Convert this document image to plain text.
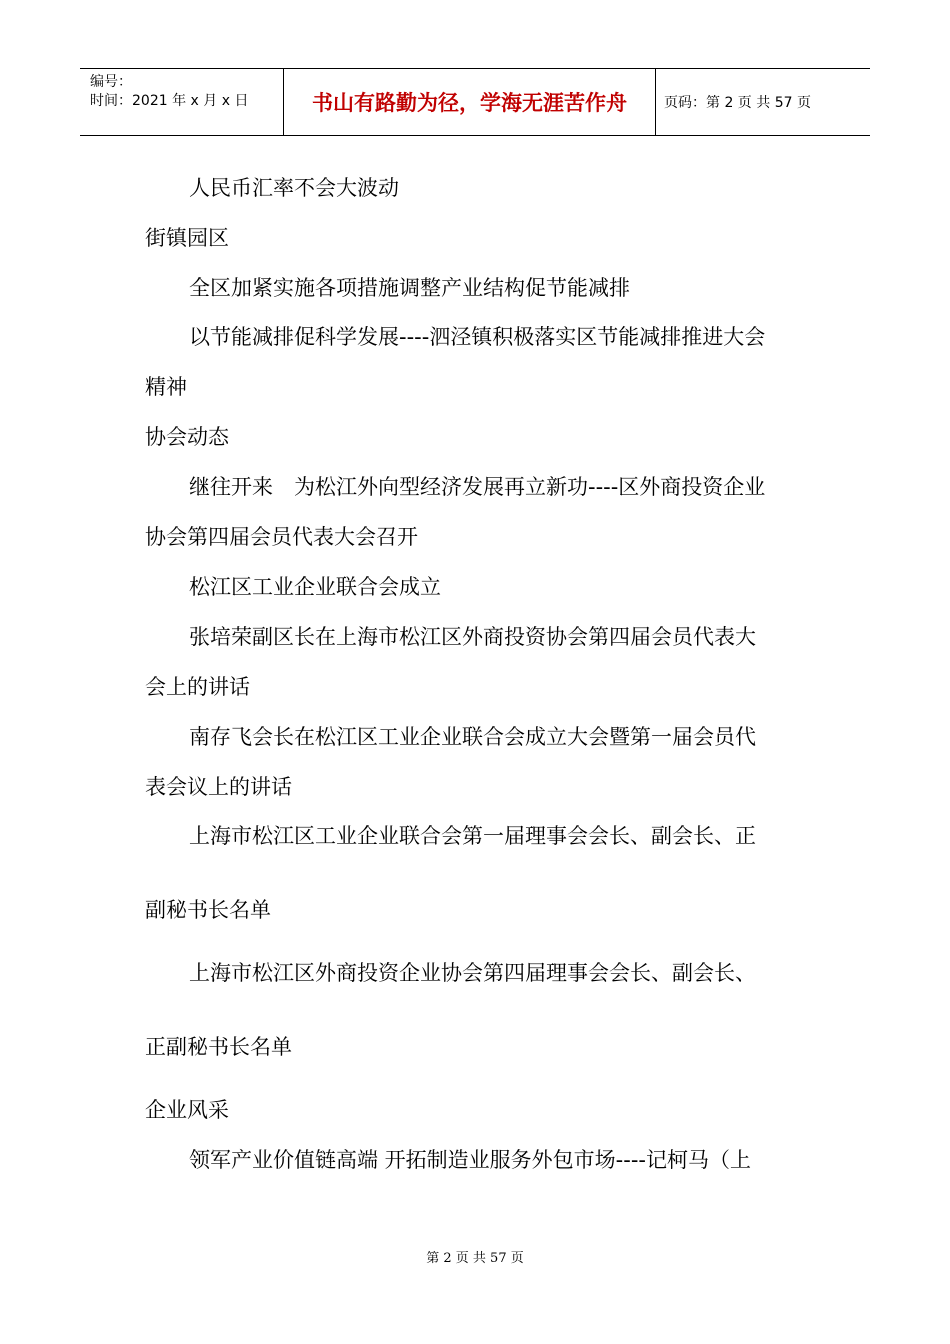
编号：
时间：2021 年 x 月 x 日	书山有路勤为径，学海无涯苦作舟	页码：第 2 页 共 57 页
人民币汇率不会大波动
街镇园区
全区加紧实施各项措施调整产业结构促节能减排
以节能减排促科学发展----泗泾镇积极落实区节能减排推进大会
精神
协会动态
继往开来　为松江外向型经济发展再立新功----区外商投资企业
协会第四届会员代表大会召开
松江区工业企业联合会成立
张培荣副区长在上海市松江区外商投资协会第四届会员代表大
会上的讲话
南存飞会长在松江区工业企业联合会成立大会暨第一届会员代
表会议上的讲话
上海市松江区工业企业联合会第一届理事会会长、副会长、正
副秘书长名单
上海市松江区外商投资企业协会第四届理事会会长、副会长、
正副秘书长名单
企业风采
领军产业价值链高端 开拓制造业服务外包市场----记柯马（上
第 2 页 共 57 页
